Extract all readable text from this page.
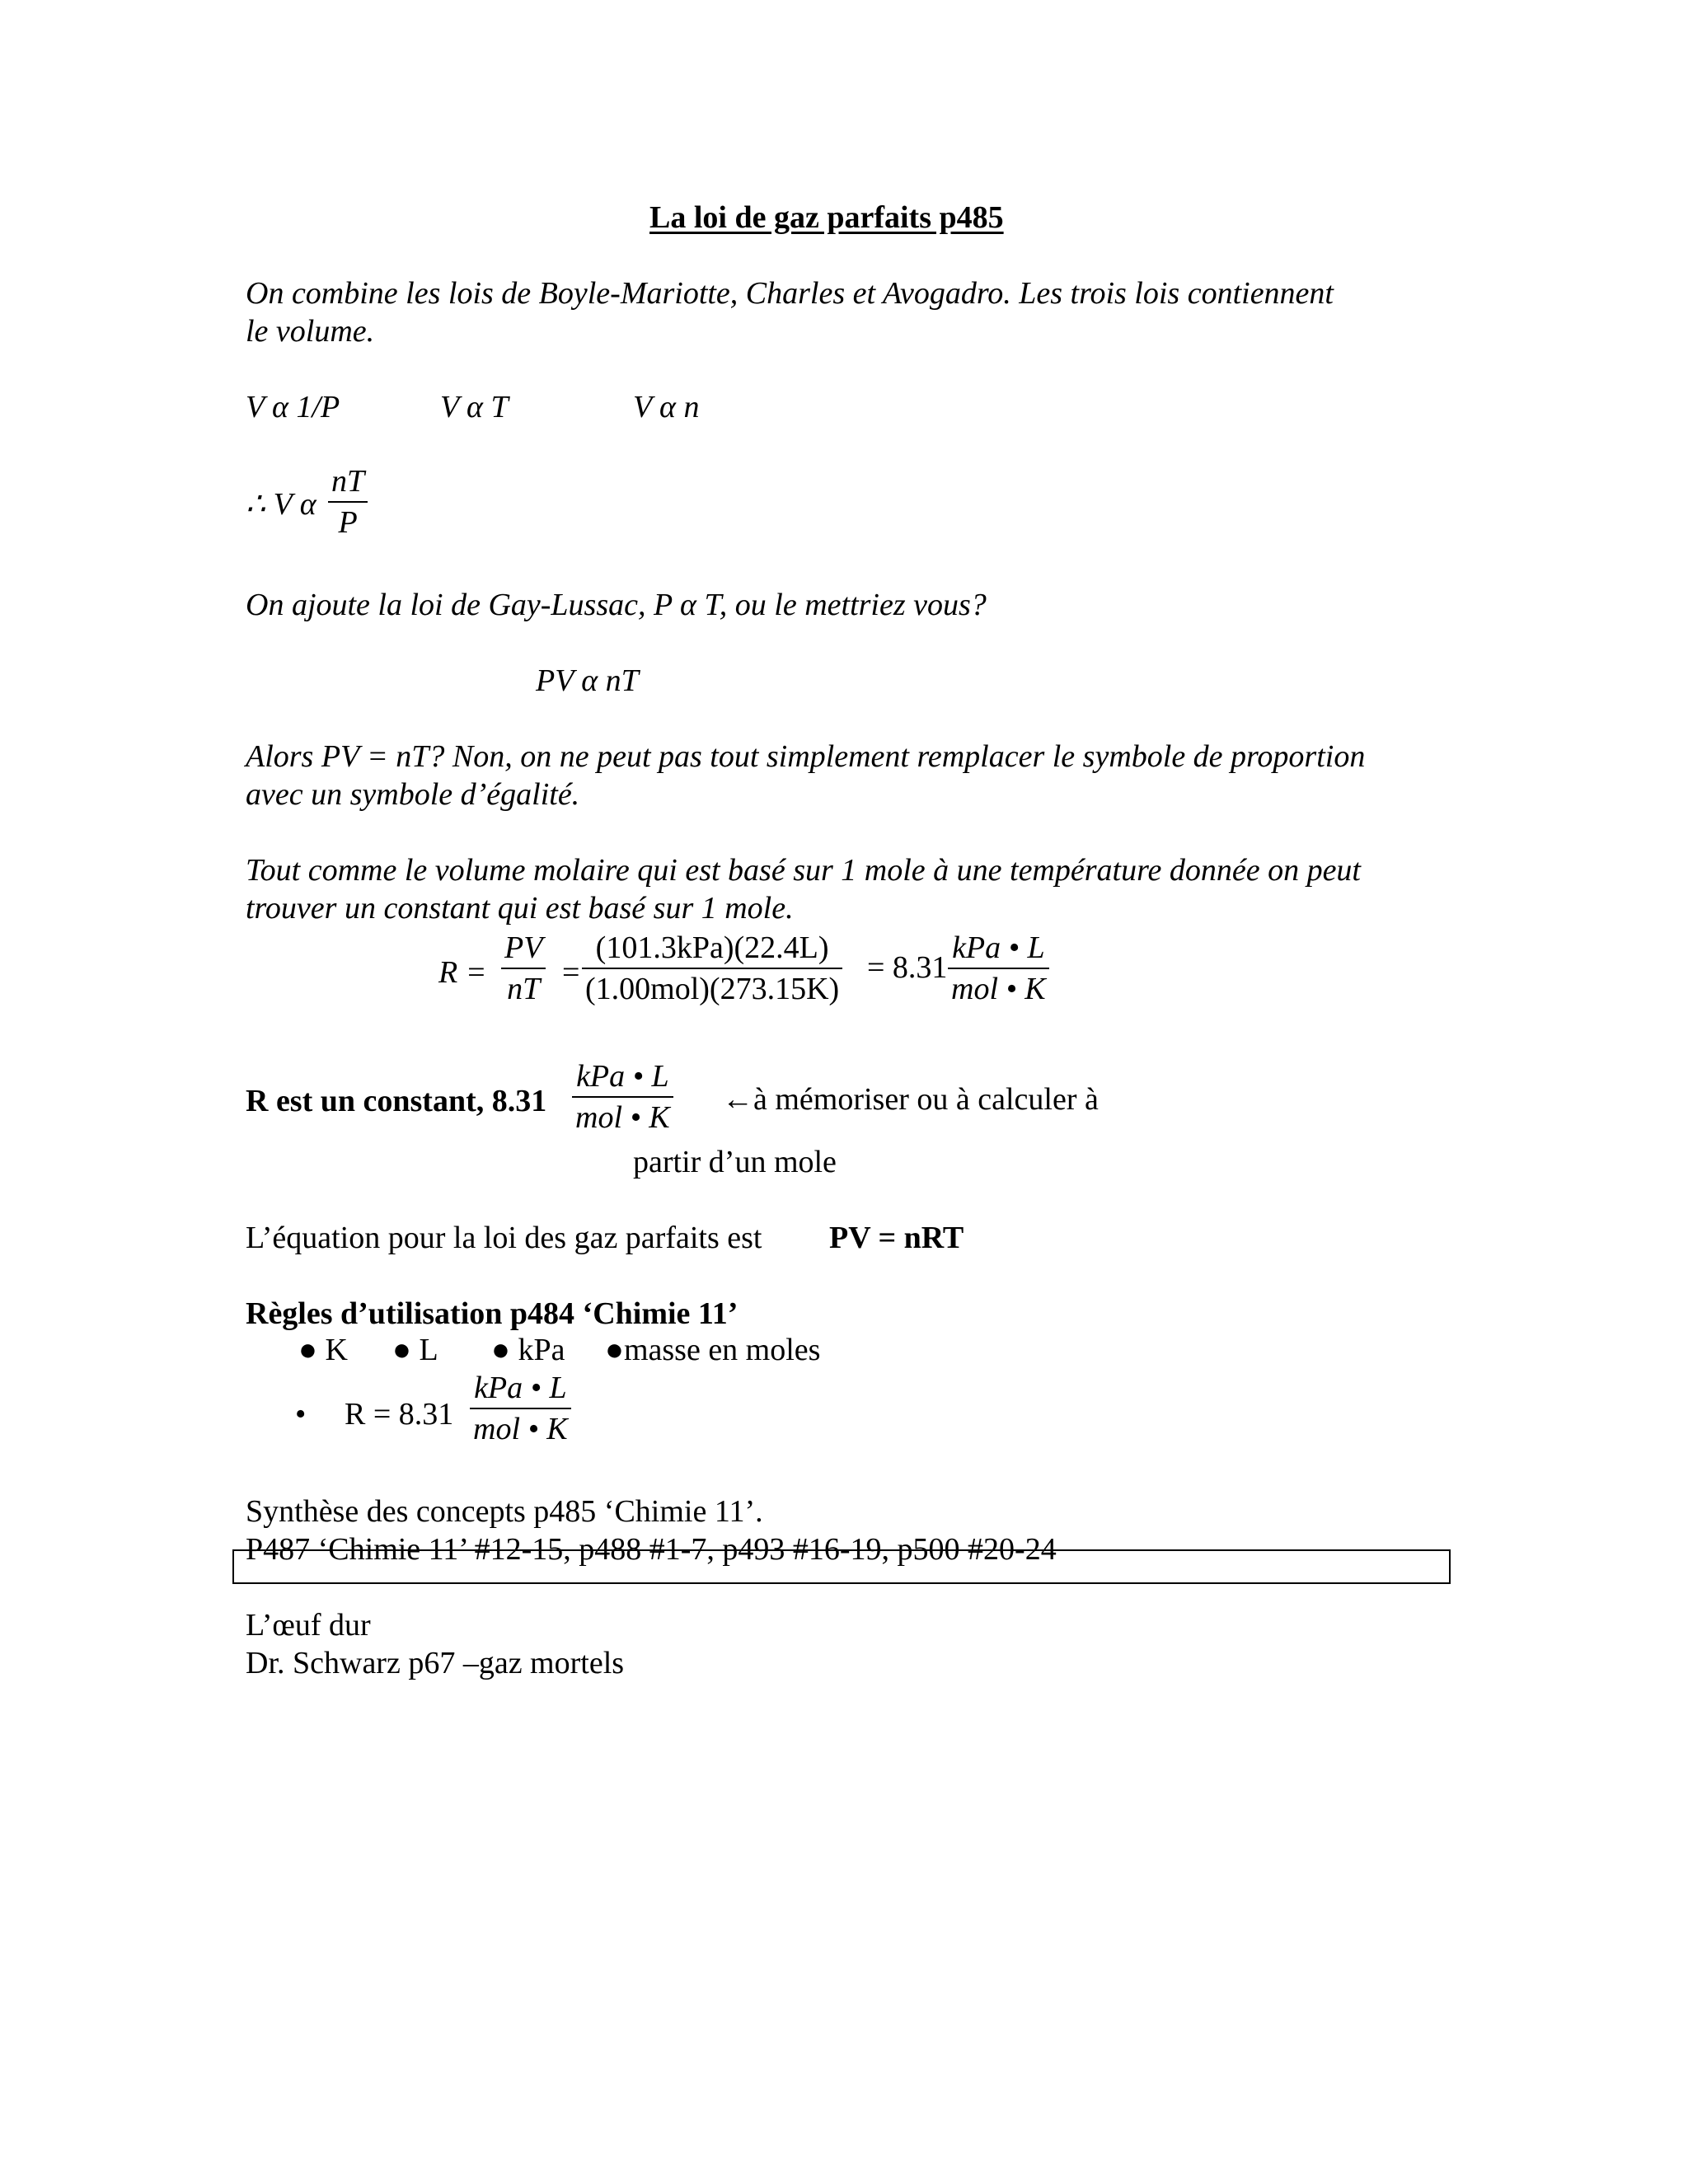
La loi de gaz parfaits p485
On combine les lois de Boyle-Mariotte, Charles et Avogadro. Les trois lois contiennent
le volume.
V α 1/P	V α T	V α n
∴ V α
nT
P
On ajoute la loi de Gay-Lussac, P α T, ou le mettriez vous?
PV α nT
Alors PV = nT? Non, on ne peut pas tout simplement remplacer le symbole de proportion
avec un symbole d’égalité.
Tout comme le volume molaire qui est basé sur 1 mole à une température donnée on peut
trouver un constant qui est basé sur 1 mole.
R =
PV
nT =
(101.3kPa)(22.4L)
(1.00mol)(273.15K)
= 8.31
kPa • L
mol • K
R est un constant, 8.31
kPa • L
mol • K
←à mémoriser ou à calculer à
partir d’un mole
L’équation pour la loi des gaz parfaits est PV = nRT
Règles d’utilisation p484 ‘Chimie 11’
● K ● L ● kPa ●masse en moles
• R = 8.31
kPa • L
mol • K
Synthèse des concepts p485 ‘Chimie 11’.
P487 ‘Chimie 11’ #12-15, p488 #1-7, p493 #16-19, p500 #20-24
L’œuf dur
Dr. Schwarz p67 –gaz mortels
